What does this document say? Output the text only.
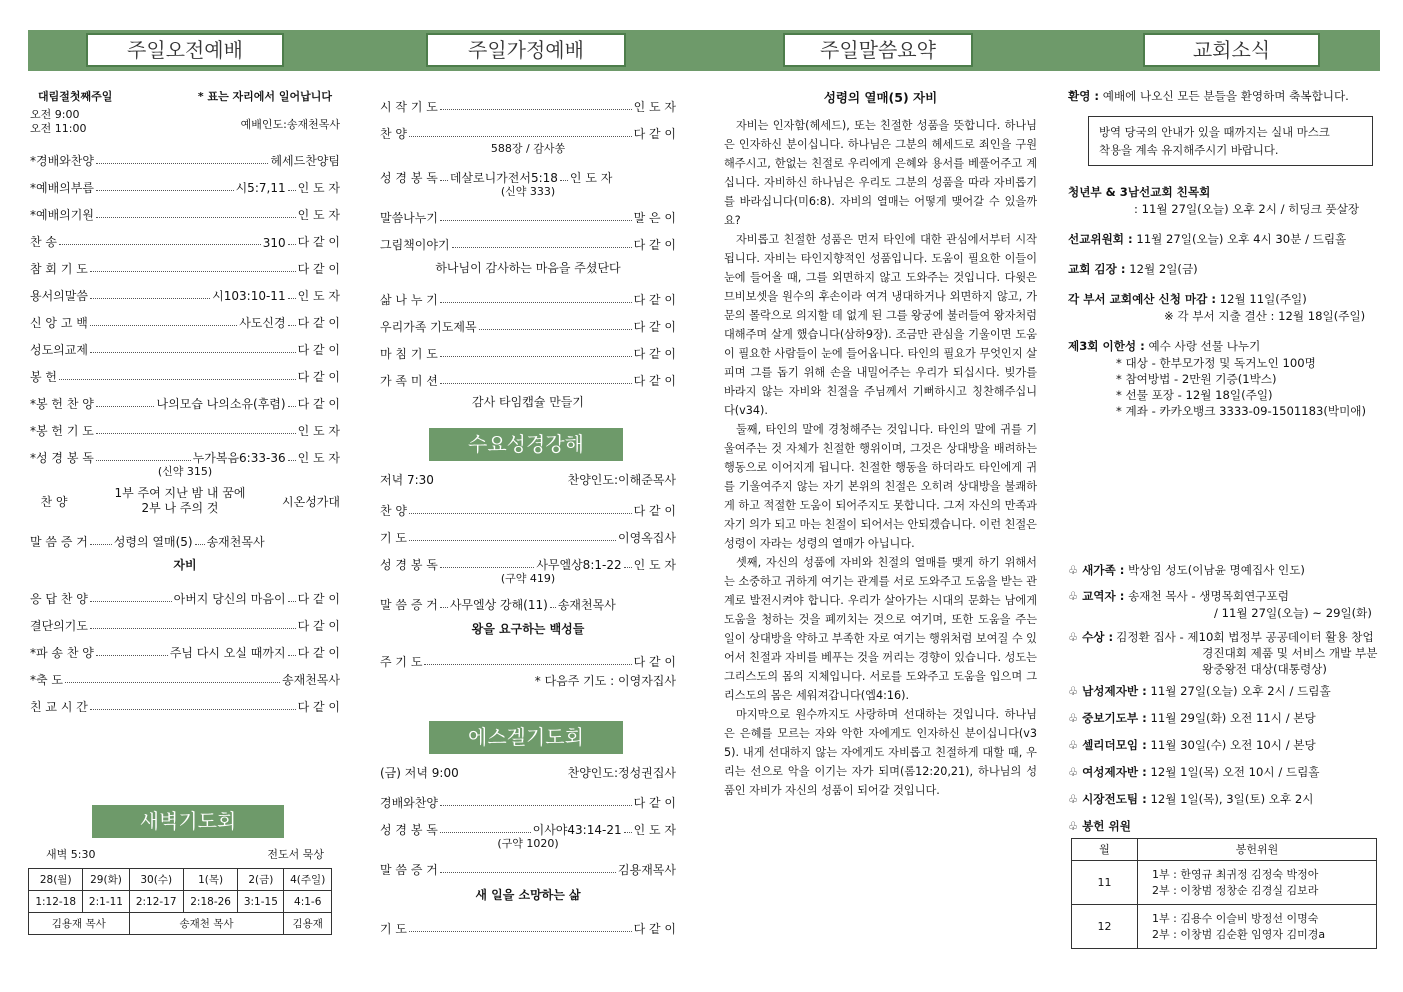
주일오전예배	주일가정예배	주일말씀요약	교회소식
대림절첫째주일	* 표는 자리에서 일어납니다
오전 9:00
오전 11:00	예배인도:송재천목사
*경배와찬양	헤세드찬양팀
*예배의부름	시5:7,11 인 도 자
*예배의기원	인 도 자
찬 송	310 다 같 이
참 회 기 도	다 같 이
용서의말씀	시103:10-11 인 도 자
신 앙 고 백	사도신경 다 같 이
성도의교제	다 같 이
봉 헌	다 같 이
*봉 헌 찬 양	나의모습 나의소유(후렴) 다 같 이
*봉 헌 기 도	인 도 자
*성 경 봉 독	누가복음6:33-36 인 도 자
(신약 315)
찬 양
1부 주여 지난 밤 내 꿈에
2부 나 주의 것	시온성가대
말 씀 증 거 성령의 열매(5) 송재천목사
자비
응 답 찬 양	아버지 당신의 마음이 다 같 이
결단의기도	다 같 이
*파 송 찬 양	주님 다시 오실 때까지 다 같 이
*축 도	송재천목사
친 교 시 간	다 같 이
새벽기도회
새벽 5:30	전도서 묵상
28(월)	29(화)	30(수)	1(목)	2(금)	4(주일)
1:12-18	2:1-11	2:12-17	2:18-26	3:1-15	4:1-6
김용재 목사		송재천 목사			김용재
시 작 기 도	인 도 자
찬 양	다 같 이
588장 / 감사쏭
성 경 봉 독 데살로니가전서5:18 인 도 자
(신약 333)
말씀나누기	말 은 이
그림책이야기	다 같 이
하나님이 감사하는 마음을 주셨단다
삶 나 누 기	다 같 이
우리가족 기도제목	다 같 이
마 침 기 도	다 같 이
가 족 미 션	다 같 이
감사 타임캡슐 만들기
수요성경강해
저녁 7:30	찬양인도:이해준목사
찬 양	다 같 이
기 도	이영옥집사
성 경 봉 독	사무엘상8:1-22 인 도 자
(구약 419)
말 씀 증 거 사무엘상 강해(11) 송재천목사
왕을 요구하는 백성들
주 기 도	다 같 이
* 다음주 기도 : 이영자집사
에스겔기도회
(금) 저녁 9:00	찬양인도:정성권집사
경배와찬양	다 같 이
성 경 봉 독	이사야43:14-21 인 도 자
(구약 1020)
말 씀 증 거	김용재목사
새 일을 소망하는 삶
기 도	다 같 이
성령의 열매(5) 자비

자비는 인자함(헤세드), 또는 친절한 성품을 뜻합니다. 하나님은 인자하신 분이십니다. 하나님은 그분의 헤세드로 죄인을 구원해주시고, 한없는 친절로 우리에게 은혜와 용서를 베풀어주고 계십니다. 자비하신 하나님은 우리도 그분의 성품을 따라 자비롭기를 바라십니다(미6:8). 자비의 열매는 어떻게 맺어갈 수 있을까요?

자비롭고 친절한 성품은 먼저 타인에 대한 관심에서부터 시작됩니다. 자비는 타인지향적인 성품입니다. 도움이 필요한 이들이 눈에 들어올 때, 그를 외면하지 않고 도와주는 것입니다. 다윗은 므비보셋을 원수의 후손이라 여겨 냉대하거나 외면하지 않고, 가문의 몰락으로 의지할 데 없게 된 그를 왕궁에 불러들여 왕자처럼 대해주며 살게 했습니다(삼하9장). 조금만 관심을 기울이면 도움이 필요한 사람들이 눈에 들어옵니다. 타인의 필요가 무엇인지 살피며 그를 돕기 위해 손을 내밀어주는 우리가 되십시다. 빚가를 바라지 않는 자비와 친절을 주님께서 기뻐하시고 칭찬해주십니다(v34).

둘째, 타인의 말에 경청해주는 것입니다. 타인의 말에 귀를 기울여주는 것 자체가 친절한 행위이며, 그것은 상대방을 배려하는 행동으로 이어지게 됩니다. 친절한 행동을 하더라도 타인에게 귀를 기울여주지 않는 자기 본위의 친절은 오히려 상대방을 불쾌하게 하고 적절한 도움이 되어주지도 못합니다. 그저 자신의 만족과 자기 의가 되고 마는 친절이 되어서는 안되겠습니다. 이런 친절은 성령이 자라는 성령의 열매가 아닙니다.

셋째, 자신의 성품에 자비와 친절의 열매를 맺게 하기 위해서는 소중하고 귀하게 여기는 관계를 서로 도와주고 도움을 받는 관계로 발전시켜야 합니다. 우리가 살아가는 시대의 문화는 남에게 도움을 청하는 것을 폐끼치는 것으로 여기며, 또한 도움을 주는 일이 상대방을 약하고 부족한 자로 여기는 행위처럼 보여질 수 있어서 친절과 자비를 베푸는 것을 꺼리는 경향이 있습니다. 성도는 그리스도의 몸의 지체입니다. 서로를 도와주고 도움을 입으며 그리스도의 몸은 세워져갑니다(엡4:16).

마지막으로 원수까지도 사랑하며 선대하는 것입니다. 하나님은 은혜를 모르는 자와 악한 자에게도 인자하신 분이십니다(v35). 내게 선대하지 않는 자에게도 자비롭고 친절하게 대할 때, 우리는 선으로 악을 이기는 자가 되며(롬12:20,21), 하나님의 성품인 자비가 자신의 성품이 되어갈 것입니다.

환영 : 예배에 나오신 모든 분들을 환영하며 축복합니다.
방역 당국의 안내가 있을 때까지는 실내 마스크
착용을 계속 유지해주시기 바랍니다.
청년부 & 3남선교회 친목회
: 11월 27일(오늘) 오후 2시 / 히딩크 풋살장
선교위원회 : 11월 27일(오늘) 오후 4시 30분 / 드림홀
교회 김장 : 12월 2일(금)
각 부서 교회예산 신청 마감 : 12월 11일(주일)
※ 각 부서 지출 결산 : 12월 18일(주일)
제3회 이한성 : 예수 사랑 선물 나누기
* 대상 - 한부모가정 및 독거노인 100명
* 참여방법 - 2만원 기증(1박스)
* 선물 포장 - 12월 18일(주일)
* 계좌 - 카카오뱅크 3333-09-1501183(박미애)
♧ 새가족 : 박상임 성도(이남윤 명예집사 인도)
♧ 교역자 : 송재천 목사 - 생명목회연구포럼
/ 11월 27일(오늘) ~ 29일(화)
♧ 수상 : 김정환 집사 - 제10회 법정부 공공데이터 활용 창업
경진대회 제품 및 서비스 개발 부분
왕중왕전 대상(대통령상)
♧ 남성제자반 : 11월 27일(오늘) 오후 2시 / 드림홀
♧ 중보기도부 : 11월 29일(화) 오전 11시 / 본당
♧ 셀리더모임 : 11월 30일(수) 오전 10시 / 본당
♧ 여성제자반 : 12월 1일(목) 오전 10시 / 드림홀
♧ 시장전도팀 : 12월 1일(목), 3일(토) 오후 2시
♧ 봉헌 위원
월	봉헌위원
11	1부 : 한영규 최귀정 김정숙 박정아
2부 : 이창범 정창순 김경실 김보라

12	1부 : 김용수 이슬비 방정선 이명숙
2부 : 이창범 김순환 임영자 김미경a
